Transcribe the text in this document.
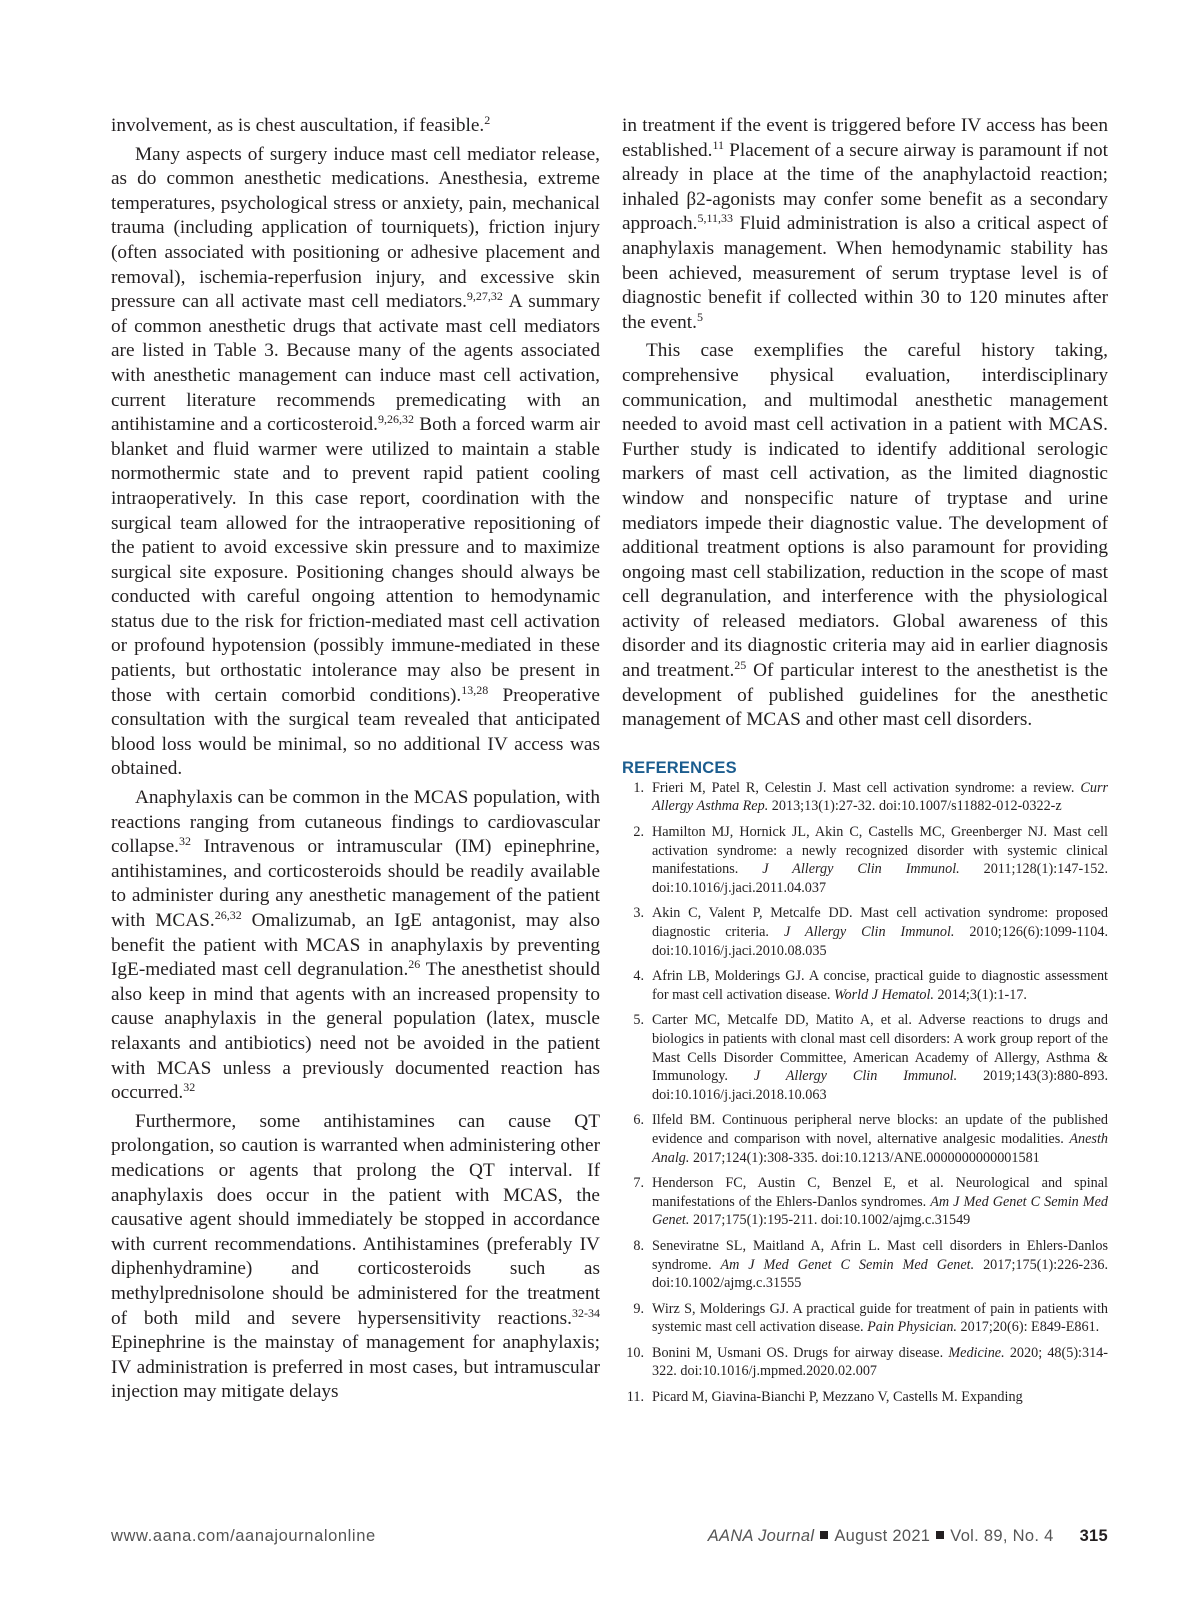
involvement, as is chest auscultation, if feasible.$^2$

Many aspects of surgery induce mast cell mediator release, as do common anesthetic medications. Anesthesia, extreme temperatures, psychological stress or anxiety, pain, mechanical trauma (including application of tourniquets), friction injury (often associated with positioning or adhesive placement and removal), ischemia-reperfusion injury, and excessive skin pressure can all activate mast cell mediators.$^{9,27,32}$ A summary of common anesthetic drugs that activate mast cell mediators are listed in Table 3. Because many of the agents associated with anesthetic management can induce mast cell activation, current literature recommends premedicating with an antihistamine and a corticosteroid.$^{9,26,32}$ Both a forced warm air blanket and fluid warmer were utilized to maintain a stable normothermic state and to prevent rapid patient cooling intraoperatively. In this case report, coordination with the surgical team allowed for the intraoperative repositioning of the patient to avoid excessive skin pressure and to maximize surgical site exposure. Positioning changes should always be conducted with careful ongoing attention to hemodynamic status due to the risk for friction-mediated mast cell activation or profound hypotension (possibly immune-mediated in these patients, but orthostatic intolerance may also be present in those with certain comorbid conditions).$^{13,28}$ Preoperative consultation with the surgical team revealed that anticipated blood loss would be minimal, so no additional IV access was obtained.

Anaphylaxis can be common in the MCAS population, with reactions ranging from cutaneous findings to cardiovascular collapse.$^{32}$ Intravenous or intramuscular (IM) epinephrine, antihistamines, and corticosteroids should be readily available to administer during any anesthetic management of the patient with MCAS.$^{26,32}$ Omalizumab, an IgE antagonist, may also benefit the patient with MCAS in anaphylaxis by preventing IgE-mediated mast cell degranulation.$^{26}$ The anesthetist should also keep in mind that agents with an increased propensity to cause anaphylaxis in the general population (latex, muscle relaxants and antibiotics) need not be avoided in the patient with MCAS unless a previously documented reaction has occurred.$^{32}$

Furthermore, some antihistamines can cause QT prolongation, so caution is warranted when administering other medications or agents that prolong the QT interval. If anaphylaxis does occur in the patient with MCAS, the causative agent should immediately be stopped in accordance with current recommendations. Antihistamines (preferably IV diphenhydramine) and corticosteroids such as methylprednisolone should be administered for the treatment of both mild and severe hypersensitivity reactions.$^{32-34}$ Epinephrine is the mainstay of management for anaphylaxis; IV administration is preferred in most cases, but intramuscular injection may mitigate delays

in treatment if the event is triggered before IV access has been established.$^{11}$ Placement of a secure airway is paramount if not already in place at the time of the anaphylactoid reaction; inhaled β2-agonists may confer some benefit as a secondary approach.$^{5,11,33}$ Fluid administration is also a critical aspect of anaphylaxis management. When hemodynamic stability has been achieved, measurement of serum tryptase level is of diagnostic benefit if collected within 30 to 120 minutes after the event.$^5$

This case exemplifies the careful history taking, comprehensive physical evaluation, interdisciplinary communication, and multimodal anesthetic management needed to avoid mast cell activation in a patient with MCAS. Further study is indicated to identify additional serologic markers of mast cell activation, as the limited diagnostic window and nonspecific nature of tryptase and urine mediators impede their diagnostic value. The development of additional treatment options is also paramount for providing ongoing mast cell stabilization, reduction in the scope of mast cell degranulation, and interference with the physiological activity of released mediators. Global awareness of this disorder and its diagnostic criteria may aid in earlier diagnosis and treatment.$^{25}$ Of particular interest to the anesthetist is the development of published guidelines for the anesthetic management of MCAS and other mast cell disorders.

REFERENCES
1. Frieri M, Patel R, Celestin J. Mast cell activation syndrome: a review. Curr Allergy Asthma Rep. 2013;13(1):27-32. doi:10.1007/s11882-012-0322-z
2. Hamilton MJ, Hornick JL, Akin C, Castells MC, Greenberger NJ. Mast cell activation syndrome: a newly recognized disorder with systemic clinical manifestations. J Allergy Clin Immunol. 2011;128(1):147-152. doi:10.1016/j.jaci.2011.04.037
3. Akin C, Valent P, Metcalfe DD. Mast cell activation syndrome: proposed diagnostic criteria. J Allergy Clin Immunol. 2010;126(6):1099-1104. doi:10.1016/j.jaci.2010.08.035
4. Afrin LB, Molderings GJ. A concise, practical guide to diagnostic assessment for mast cell activation disease. World J Hematol. 2014;3(1):1-17.
5. Carter MC, Metcalfe DD, Matito A, et al. Adverse reactions to drugs and biologics in patients with clonal mast cell disorders: A work group report of the Mast Cells Disorder Committee, American Academy of Allergy, Asthma & Immunology. J Allergy Clin Immunol. 2019;143(3):880-893. doi:10.1016/j.jaci.2018.10.063
6. Ilfeld BM. Continuous peripheral nerve blocks: an update of the published evidence and comparison with novel, alternative analgesic modalities. Anesth Analg. 2017;124(1):308-335. doi:10.1213/ANE.0000000000001581
7. Henderson FC, Austin C, Benzel E, et al. Neurological and spinal manifestations of the Ehlers-Danlos syndromes. Am J Med Genet C Semin Med Genet. 2017;175(1):195-211. doi:10.1002/ajmg.c.31549
8. Seneviratne SL, Maitland A, Afrin L. Mast cell disorders in Ehlers-Danlos syndrome. Am J Med Genet C Semin Med Genet. 2017;175(1):226-236. doi:10.1002/ajmg.c.31555
9. Wirz S, Molderings GJ. A practical guide for treatment of pain in patients with systemic mast cell activation disease. Pain Physician. 2017;20(6): E849-E861.
10. Bonini M, Usmani OS. Drugs for airway disease. Medicine. 2020; 48(5):314-322. doi:10.1016/j.mpmed.2020.02.007
11. Picard M, Giavina-Bianchi P, Mezzano V, Castells M. Expanding
www.aana.com/aanajournalonline	AANA Journal August 2021 Vol. 89, No. 4 315
